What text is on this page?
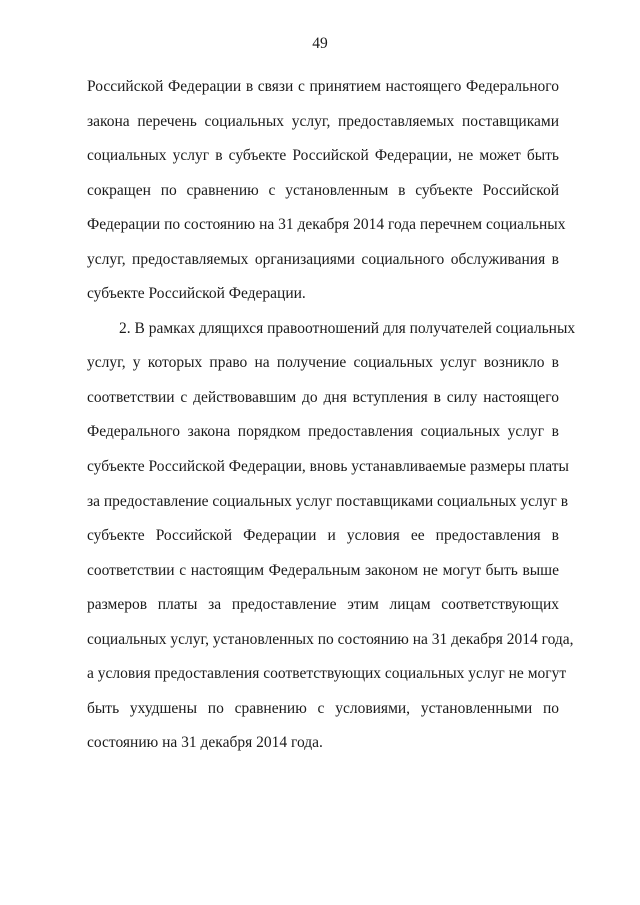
49
Российской Федерации в связи с принятием настоящего Федерального
закона перечень социальных услуг, предоставляемых поставщиками
социальных услуг в субъекте Российской Федерации, не может быть
сокращен по сравнению с установленным в субъекте Российской
Федерации по состоянию на 31 декабря 2014 года перечнем социальных
услуг, предоставляемых организациями социального обслуживания в
субъекте Российской Федерации.
2. В рамках длящихся правоотношений для получателей социальных
услуг, у которых право на получение социальных услуг возникло в
соответствии с действовавшим до дня вступления в силу настоящего
Федерального закона порядком предоставления социальных услуг в
субъекте Российской Федерации, вновь устанавливаемые размеры платы
за предоставление социальных услуг поставщиками социальных услуг в
субъекте Российской Федерации и условия ее предоставления в
соответствии с настоящим Федеральным законом не могут быть выше
размеров платы за предоставление этим лицам соответствующих
социальных услуг, установленных по состоянию на 31 декабря 2014 года,
а условия предоставления соответствующих социальных услуг не могут
быть ухудшены по сравнению с условиями, установленными по
состоянию на 31 декабря 2014 года.
